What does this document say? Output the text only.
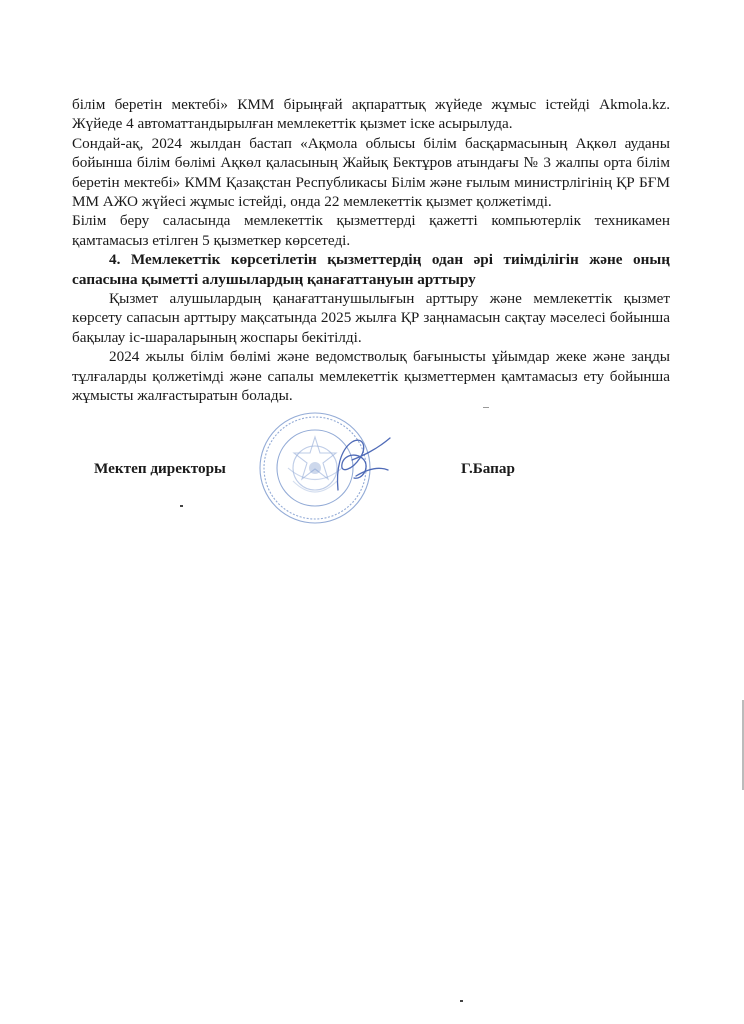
білім беретін мектебі» КММ бірыңғай ақпараттық жүйеде жұмыс істейді Akmola.kz. Жүйеде 4 автоматтандырылған мемлекеттік қызмет іске асырылуда.

Сондай-ақ, 2024 жылдан бастап «Ақмола облысы білім басқармасының Ақкөл ауданы бойынша білім бөлімі Ақкөл қаласының Жайық Бектұров атындағы № 3 жалпы орта білім беретін мектебі» КММ Қазақстан Республикасы Білім және ғылым министрлігінің ҚР БҒМ ММ АЖО жүйесі жұмыс істейді, онда 22 мемлекеттік қызмет қолжетімді.

Білім беру саласында мемлекеттік қызметтерді қажетті компьютерлік техникамен қамтамасыз етілген 5 қызметкер көрсетеді.

4. Мемлекеттік көрсетілетін қызметтердің одан әрі тиімділігін және оның сапасына қыметті алушылардың қанағаттануын арттыру

Қызмет алушылардың қанағаттанушылығын арттыру және мемлекеттік қызмет көрсету сапасын арттыру мақсатында 2025 жылға ҚР заңнамасын сақтау мәселесі бойынша бақылау іс-шараларының жоспары бекітілді.

2024 жылы білім бөлімі және ведомстволық бағынысты ұйымдар жеке және заңды тұлғаларды қолжетімді және сапалы мемлекеттік қызметтермен қамтамасыз ету бойынша жұмысты жалғастыратын болады.

Мектеп директоры	Г.Бапар
